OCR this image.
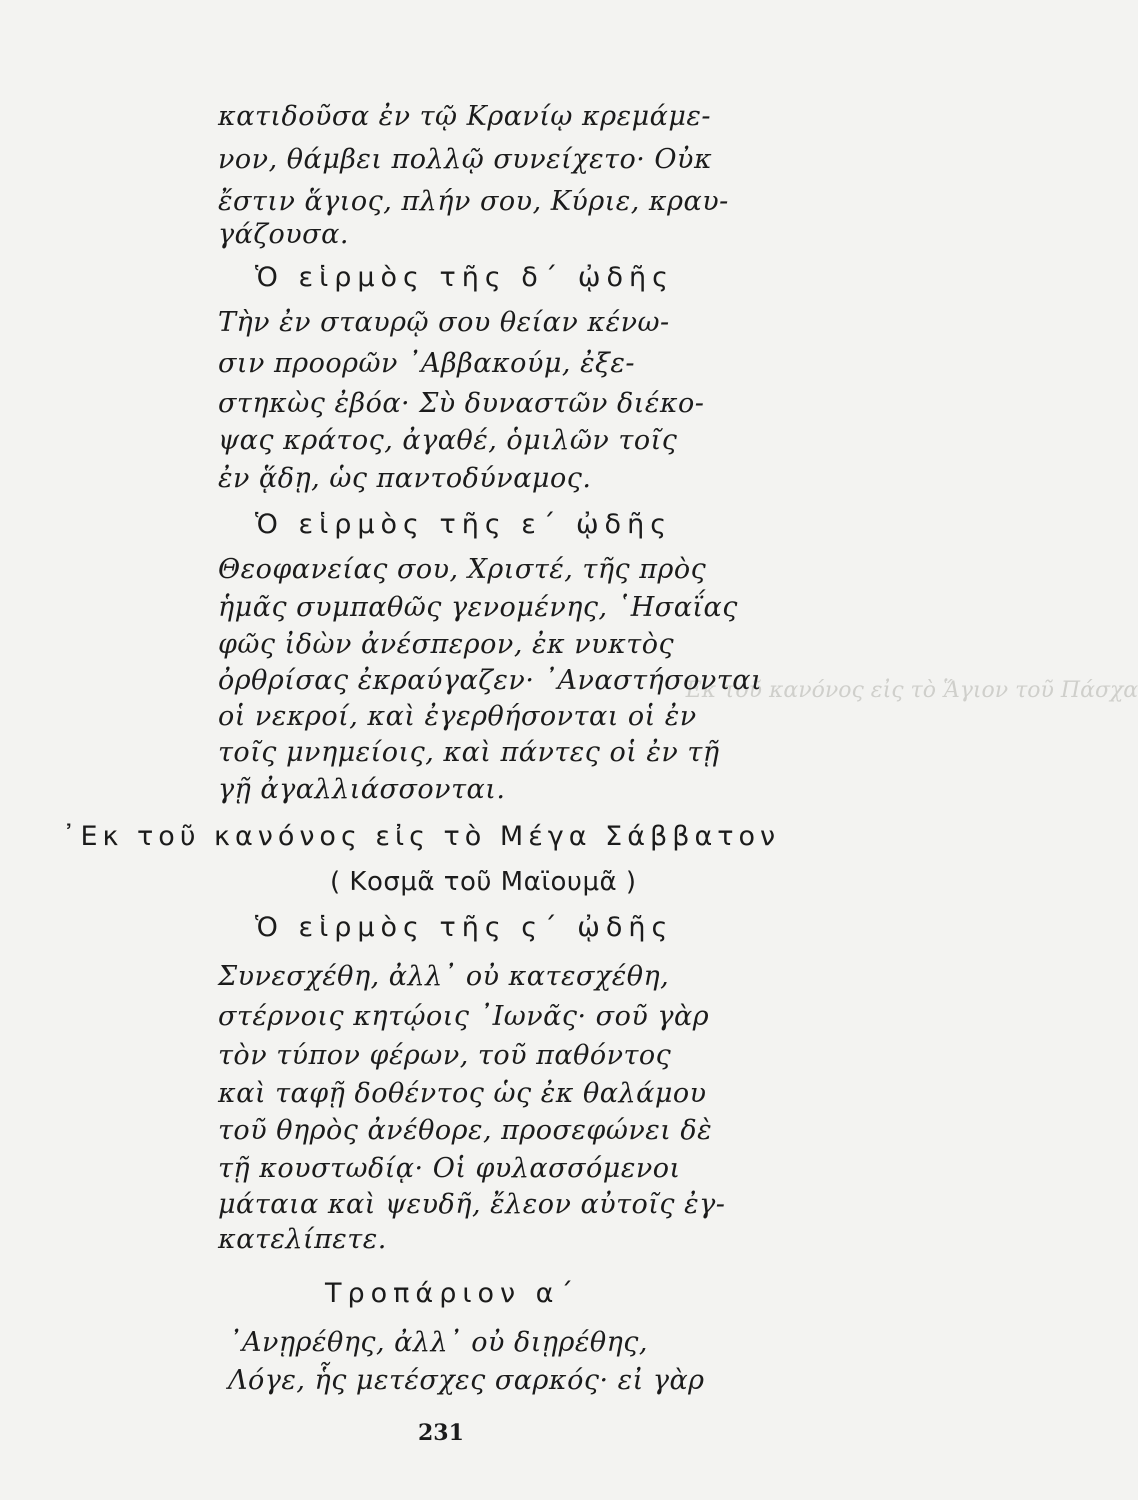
Ἐκ τοῦ κανόνος εἰς τὸ Ἅγιον τοῦ Πάσχα
κατιδοῦσα ἐν τῷ Κρανίῳ κρεμάμε-
νον, θάμβει πολλῷ συνείχετο· Οὐκ
ἔστιν ἅγιος, πλήν σου, Κύριε, κραυ-
γάζουσα.
Ὁ εἱρμὸς τῆς δ΄ ᾠδῆς
Τὴν ἐν σταυρῷ σου θείαν κένω-
σιν προορῶν ᾿Αββακούμ, ἐξε-
στηκὼς ἐβόα· Σὺ δυναστῶν διέκο-
ψας κράτος, ἀγαθέ, ὁμιλῶν τοῖς
ἐν ᾅδῃ, ὡς παντοδύναμος.
Ὁ εἱρμὸς τῆς ε΄ ᾠδῆς
Θεοφανείας σου, Χριστέ, τῆς πρὸς
ἡμᾶς συμπαθῶς γενομένης, ῾Ησαΐας
φῶς ἰδὼν ἀνέσπερον, ἐκ νυκτὸς
ὀρθρίσας ἐκραύγαζεν· ᾿Αναστήσονται
οἱ νεκροί, καὶ ἐγερθήσονται οἱ ἐν
τοῖς μνημείοις, καὶ πάντες οἱ ἐν τῇ
γῇ ἀγαλλιάσσονται.
᾿Εκ τοῦ κανόνος εἰς τὸ Μέγα Σάββατον
( Κοσμᾶ τοῦ Μαϊουμᾶ )
Ὁ εἱρμὸς τῆς ς΄ ᾠδῆς
Συνεσχέθη, ἀλλ᾿ οὐ κατεσχέθη,
στέρνοις κητῴοις ᾿Ιωνᾶς· σοῦ γὰρ
τὸν τύπον φέρων, τοῦ παθόντος
καὶ ταφῇ δοθέντος ὡς ἐκ θαλάμου
τοῦ θηρὸς ἀνέθορε, προσεφώνει δὲ
τῇ κουστωδίᾳ· Οἱ φυλασσόμενοι
μάταια καὶ ψευδῆ, ἔλεον αὐτοῖς ἐγ-
κατελίπετε.
Τροπάριον α΄
᾿Ανῃρέθης, ἀλλ᾿ οὐ διῃρέθης,
Λόγε, ἧς μετέσχες σαρκός· εἰ γὰρ
231
